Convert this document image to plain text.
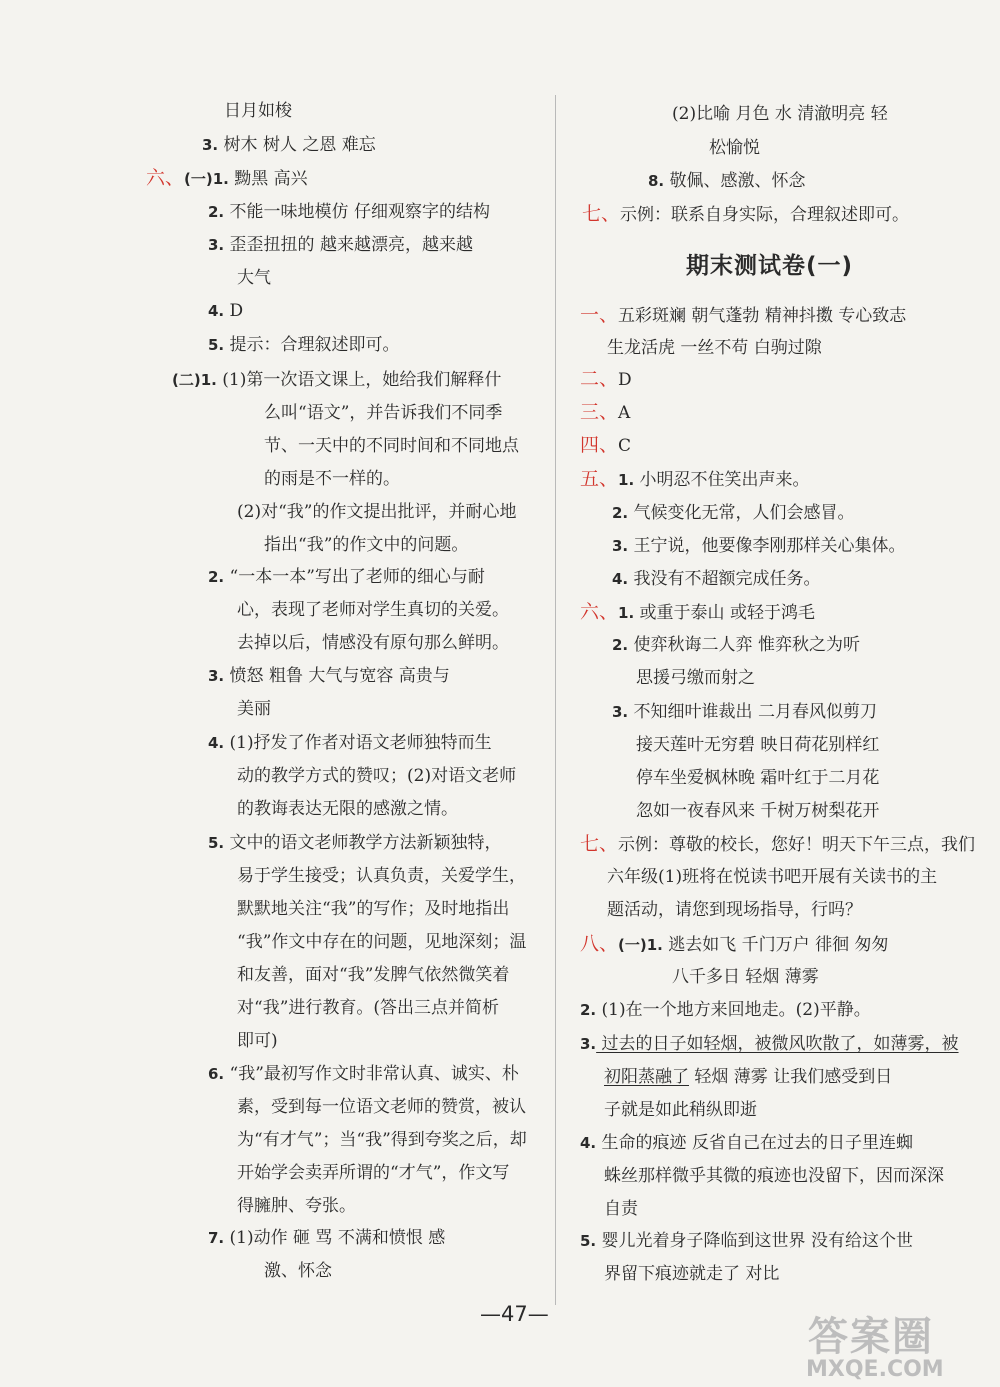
日月如梭
3. 树木 树人 之恩 难忘
六、(一)1. 黝黑 高兴
2. 不能一味地模仿 仔细观察字的结构
3. 歪歪扭扭的 越来越漂亮，越来越
大气
4. D
5. 提示：合理叙述即可。
(二)1. (1)第一次语文课上，她给我们解释什
么叫“语文”，并告诉我们不同季
节、一天中的不同时间和不同地点
的雨是不一样的。
(2)对“我”的作文提出批评，并耐心地
指出“我”的作文中的问题。
2. “一本一本”写出了老师的细心与耐
心，表现了老师对学生真切的关爱。
去掉以后，情感没有原句那么鲜明。
3. 愤怒 粗鲁 大气与宽容 高贵与
美丽
4. (1)抒发了作者对语文老师独特而生
动的教学方式的赞叹；(2)对语文老师
的教诲表达无限的感激之情。
5. 文中的语文老师教学方法新颖独特，
易于学生接受；认真负责，关爱学生，
默默地关注“我”的写作；及时地指出
“我”作文中存在的问题，见地深刻；温
和友善，面对“我”发脾气依然微笑着
对“我”进行教育。(答出三点并简析
即可)
6. “我”最初写作文时非常认真、诚实、朴
素，受到每一位语文老师的赞赏，被认
为“有才气”；当“我”得到夸奖之后，却
开始学会卖弄所谓的“才气”，作文写
得臃肿、夸张。
7. (1)动作 砸 骂 不满和愤恨 感
激、怀念
(2)比喻 月色 水 清澈明亮 轻
松愉悦
8. 敬佩、感激、怀念
七、示例：联系自身实际，合理叙述即可。
一、五彩斑斓 朝气蓬勃 精神抖擞 专心致志
生龙活虎 一丝不苟 白驹过隙
二、D
三、A
四、C
五、1. 小明忍不住笑出声来。
2. 气候变化无常，人们会感冒。
3. 王宁说，他要像李刚那样关心集体。
4. 我没有不超额完成任务。
六、1. 或重于泰山 或轻于鸿毛
2. 使弈秋诲二人弈 惟弈秋之为听
思援弓缴而射之
3. 不知细叶谁裁出 二月春风似剪刀
接天莲叶无穷碧 映日荷花别样红
停车坐爱枫林晚 霜叶红于二月花
忽如一夜春风来 千树万树梨花开
七、示例：尊敬的校长，您好！明天下午三点，我们
六年级(1)班将在悦读书吧开展有关读书的主
题活动，请您到现场指导，行吗？
八、(一)1. 逃去如飞 千门万户 徘徊 匆匆
八千多日 轻烟 薄雾
2. (1)在一个地方来回地走。(2)平静。
3. 过去的日子如轻烟，被微风吹散了，如薄雾，被
初阳蒸融了 轻烟 薄雾 让我们感受到日
子就是如此稍纵即逝
4. 生命的痕迹 反省自己在过去的日子里连蜘
蛛丝那样微乎其微的痕迹也没留下，因而深深
自责
5. 婴儿光着身子降临到这世界 没有给这个世
界留下痕迹就走了 对比
期末测试卷(一)
—47—	答案圈
MXQE.COM
